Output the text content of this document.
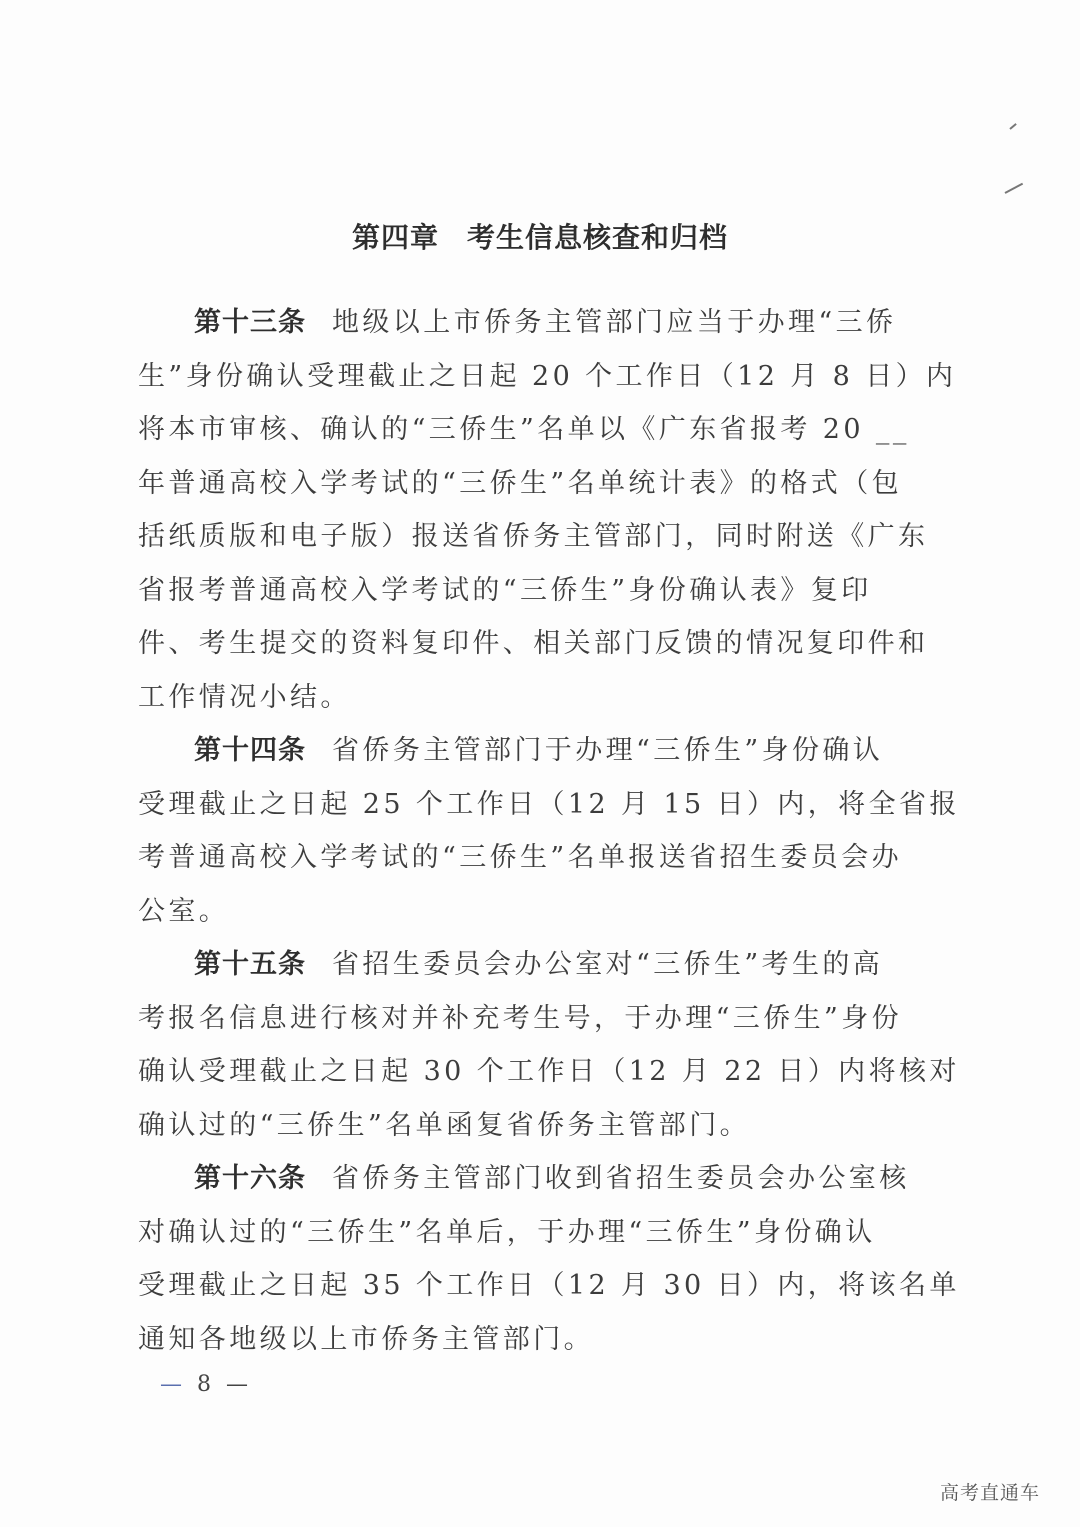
第四章 考生信息核查和归档
第十三条 地级以上市侨务主管部门应当于办理“三侨
生”身份确认受理截止之日起 20 个工作日（12 月 8 日）内
将本市审核、确认的“三侨生”名单以《广东省报考 20 __
年普通高校入学考试的“三侨生”名单统计表》的格式（包
括纸质版和电子版）报送省侨务主管部门，同时附送《广东
省报考普通高校入学考试的“三侨生”身份确认表》复印
件、考生提交的资料复印件、相关部门反馈的情况复印件和
工作情况小结。
第十四条 省侨务主管部门于办理“三侨生”身份确认
受理截止之日起 25 个工作日（12 月 15 日）内，将全省报
考普通高校入学考试的“三侨生”名单报送省招生委员会办
公室。
第十五条 省招生委员会办公室对“三侨生”考生的高
考报名信息进行核对并补充考生号，于办理“三侨生”身份
确认受理截止之日起 30 个工作日（12 月 22 日）内将核对
确认过的“三侨生”名单函复省侨务主管部门。
第十六条 省侨务主管部门收到省招生委员会办公室核
对确认过的“三侨生”名单后，于办理“三侨生”身份确认
受理截止之日起 35 个工作日（12 月 30 日）内，将该名单
通知各地级以上市侨务主管部门。
— 8 —
高考直通车
